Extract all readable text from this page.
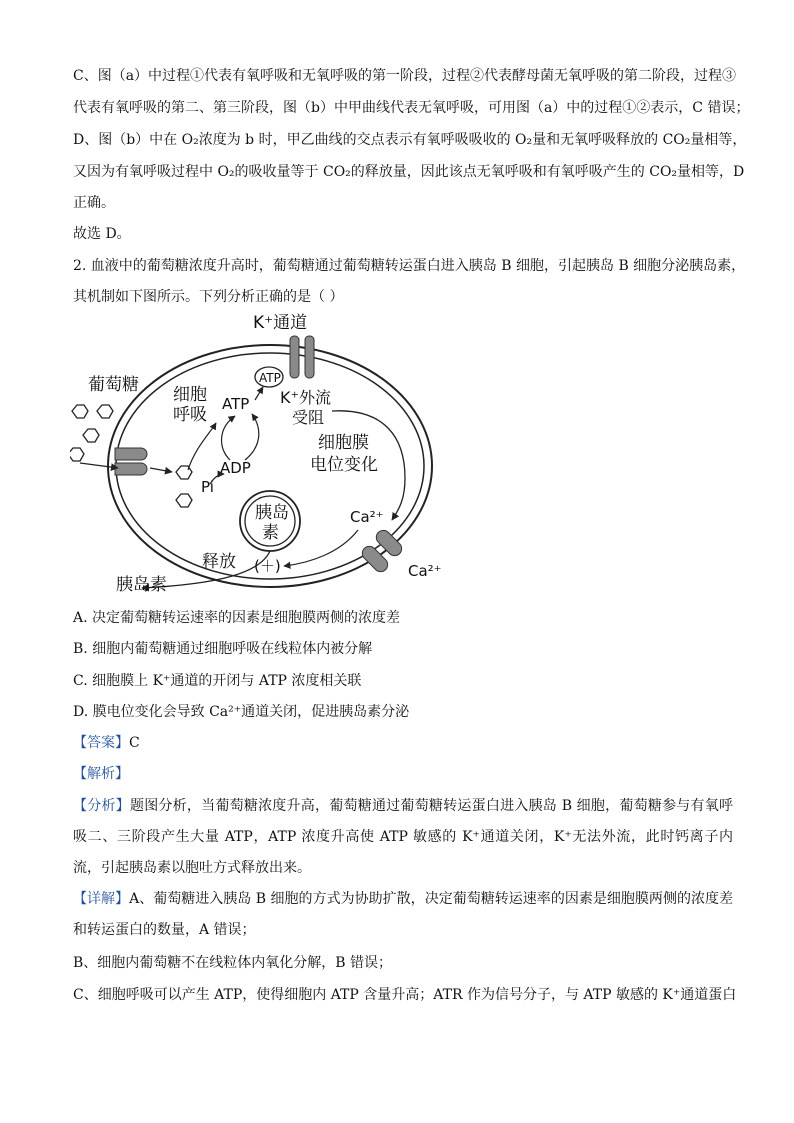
C、图（a）中过程①代表有氧呼吸和无氧呼吸的第一阶段，过程②代表酵母菌无氧呼吸的第二阶段，过程③
代表有氧呼吸的第二、第三阶段，图（b）中甲曲线代表无氧呼吸，可用图（a）中的过程①②表示，C 错误；
D、图（b）中在 O₂浓度为 b 时，甲乙曲线的交点表示有氧呼吸吸收的 O₂量和无氧呼吸释放的 CO₂量相等，
又因为有氧呼吸过程中 O₂的吸收量等于 CO₂的释放量，因此该点无氧呼吸和有氧呼吸产生的 CO₂量相等，D
正确。
故选 D。
2. 血液中的葡萄糖浓度升高时，葡萄糖通过葡萄糖转运蛋白进入胰岛 B 细胞，引起胰岛 B 细胞分泌胰岛素，
其机制如下图所示。下列分析正确的是（ ）
K⁺通道
葡萄糖	ATP
K⁺外流
受阻
细胞
呼吸
ATP
ADP
Pi
细胞膜
电位变化
胰岛
素
Ca²⁺
Ca²⁺
释放 (＋)
胰岛素
A. 决定葡萄糖转运速率的因素是细胞膜两侧的浓度差
B. 细胞内葡萄糖通过细胞呼吸在线粒体内被分解
C. 细胞膜上 K⁺通道的开闭与 ATP 浓度相关联
D. 膜电位变化会导致 Ca²⁺通道关闭，促进胰岛素分泌
【答案】C
【解析】
【分析】题图分析，当葡萄糖浓度升高，葡萄糖通过葡萄糖转运蛋白进入胰岛 B 细胞，葡萄糖参与有氧呼吸二、三阶段产生大量 ATP，ATP 浓度升高使 ATP 敏感的 K⁺通道关闭，K⁺无法外流，此时钙离子内流，引起胰岛素以胞吐方式释放出来。
【详解】A、葡萄糖进入胰岛 B 细胞的方式为协助扩散，决定葡萄糖转运速率的因素是细胞膜两侧的浓度差和转运蛋白的数量，A 错误；
B、细胞内葡萄糖不在线粒体内氧化分解，B 错误；
C、细胞呼吸可以产生 ATP，使得细胞内 ATP 含量升高；ATR 作为信号分子，与 ATP 敏感的 K⁺通道蛋白
